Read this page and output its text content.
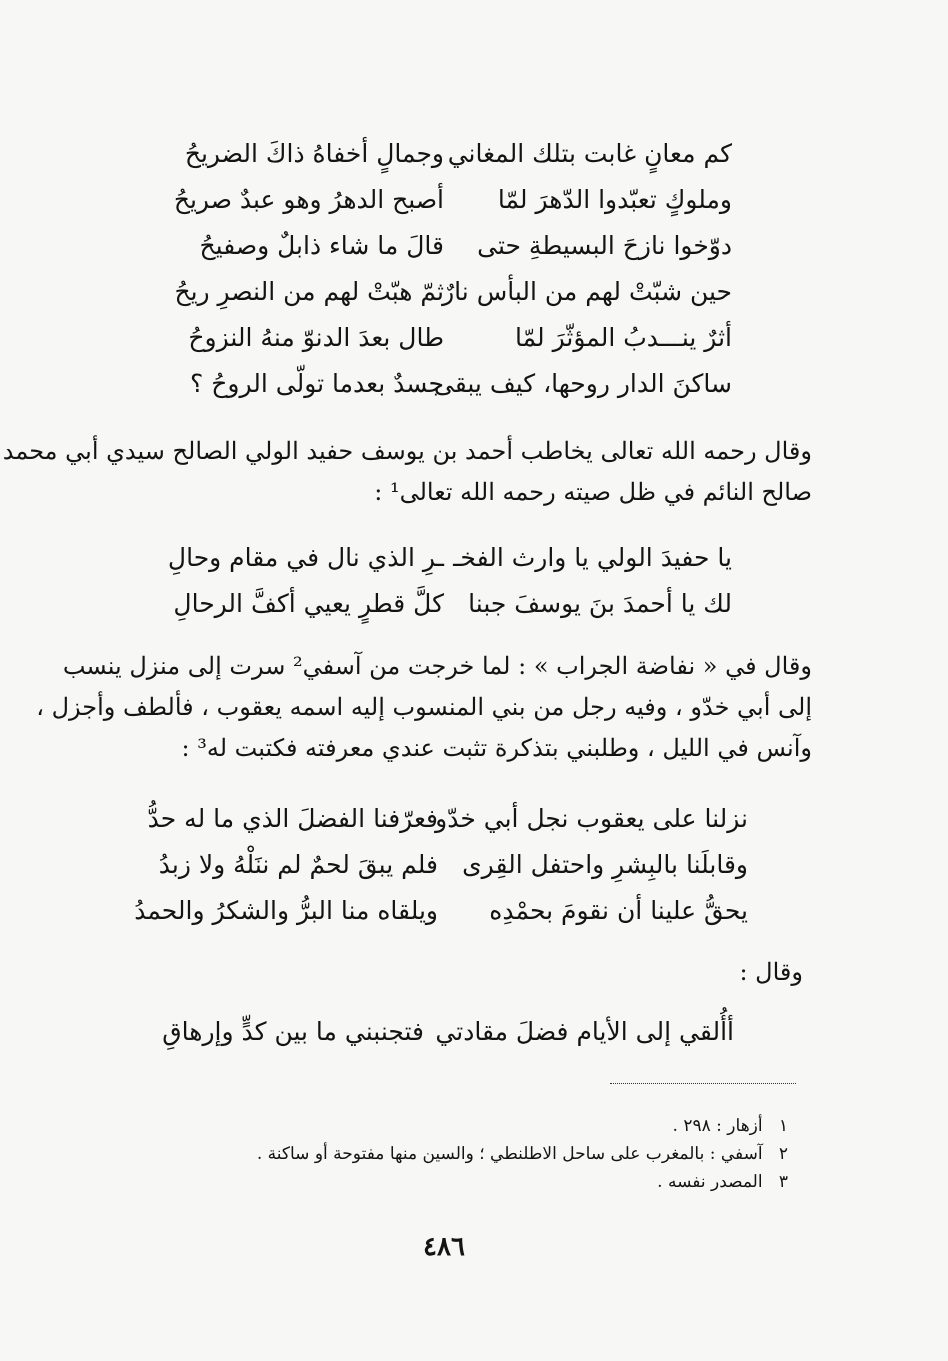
كم معانٍ غابت بتلك المغاني
وجمالٍ أخفاهُ ذاكَ الضريحُ
وملوكٍ تعبّدوا الدّهرَ لمّا
أصبح الدهرُ وهو عبدٌ صريحُ
دوّخوا نازحَ البسيطةِ حتى
قالَ ما شاء ذابلٌ وصفيحُ
حين شبّتْ لهم من البأس نارٌ
ثمّ هبّتْ لهم من النصرِ ريحُ
أثرٌ ينـــدبُ المؤثّرَ لمّا
طال بعدَ الدنوّ منهُ النزوحُ
ساكنَ الدار روحها، كيف يبقى
جسدٌ بعدما تولّى الروحُ ؟
وقال رحمه الله تعالى يخاطب أحمد بن يوسف حفيد الولي الصالح سيدي أبي محمد
صالح النائم في ظل صيته رحمه الله تعالى¹ :
يا حفيدَ الولي يا وارث الفخـ
ـرِ الذي نال في مقام وحالِ
لك يا أحمدَ بنَ يوسفَ جبنا
كلَّ قطرٍ يعيي أكفَّ الرحالِ
وقال في « نفاضة الجراب » : لما خرجت من آسفي² سرت إلى منزل ينسب
إلى أبي خدّو ، وفيه رجل من بني المنسوب إليه اسمه يعقوب ، فألطف وأجزل ،
وآنس في الليل ، وطلبني بتذكرة تثبت عندي معرفته فكتبت له³ :
نزلنا على يعقوب نجل أبي خدّو
فعرّفنا الفضلَ الذي ما له حدُّ
وقابلَنا بالبِشرِ واحتفل القِرى
فلم يبقَ لحمٌ لم ننَلْهُ ولا زبدُ
يحقُّ علينا أن نقومَ بحمْدِه
ويلقاه منا البرُّ والشكرُ والحمدُ
وقال :
أأُلقي إلى الأيام فضلَ مقادتي
فتجنبني ما بين كدٍّ وإرهاقِ
١ أزهار : ٢٩٨ .
٢ آسفي : بالمغرب على ساحل الاطلنطي ؛ والسين منها مفتوحة أو ساكنة .
٣ المصدر نفسه .
٤٨٦
